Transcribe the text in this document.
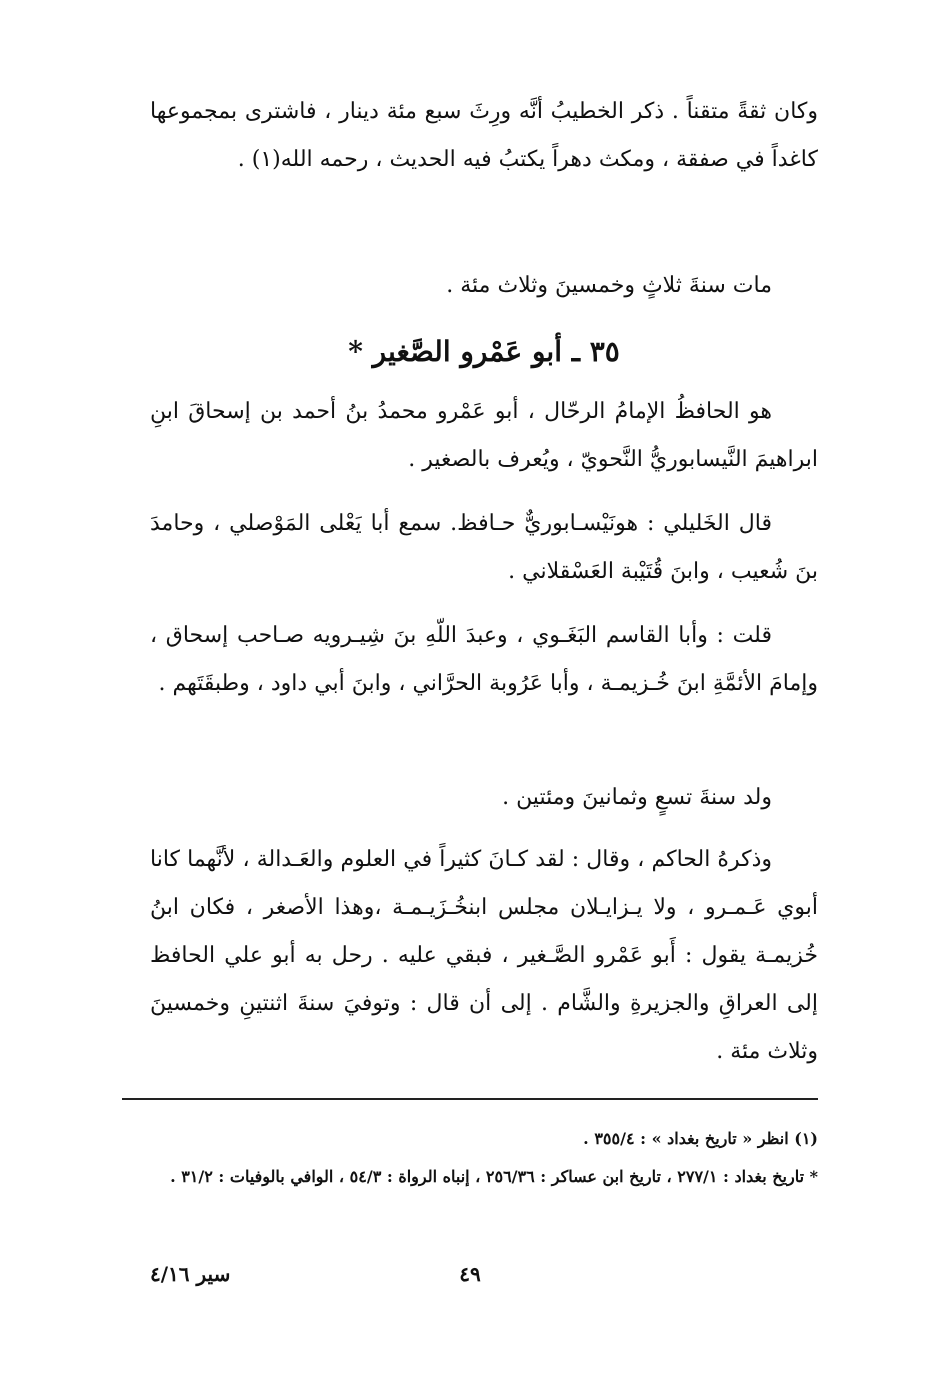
وكان ثقةً متقناً . ذكر الخطيبُ أنَّه ورِثَ سبع مئة دينار ، فاشترى بمجموعها كاغداً في صفقة ، ومكث دهراً يكتبُ فيه الحديث ، رحمه الله(١) .

مات سنةَ ثلاثٍ وخمسينَ وثلاث مئة .

٣٥ ـ أبو عَمْرو الصَّغير *

هو الحافظُ الإمامُ الرحّال ، أبو عَمْرو محمدُ بنُ أحمد بن إسحاقَ ابنِ ابراهيمَ النَّيسابوريُّ النَّحويّ ، ويُعرف بالصغير .

قال الخَليلي : هونَيْسـابوريٌّ حـافظ. سمع أبا يَعْلى المَوْصلي ، وحامدَ بنَ شُعيب ، وابنَ قُتَيْبة العَسْقلاني .

قلت : وأبا القاسم البَغَـوي ، وعبدَ اللّهِ بنَ شِيـرويه صـاحب إسحاق ، وإمامَ الأئمَّةِ ابنَ خُـزيمـة ، وأبا عَرُوبة الحرَّاني ، وابنَ أبي داود ، وطبقَتَهم .

ولد سنةَ تسعٍ وثمانينَ ومئتين .

وذكرهُ الحاكم ، وقال : لقد كـانَ كثيراً في العلوم والعَـدالة ، لأنَّهما كانا أبوي عَـمـرو ، ولا يـزايـلان مجلس ابنخُـزَيـمـة ،وهذا الأصغر ، فكان ابنُ خُزيمـة يقول : أَبو عَمْرو الصَّـغير ، فبقي عليه . رحل به أبو علي الحافظ إلى العراقِ والجزيرةِ والشَّام . إلى أن قال : وتوفيَ سنةَ اثنتينِ وخمسينَ وثلاث مئة .

(١) انظر « تاريخ بغداد » : ٣٥٥/٤ .

* تاريخ بغداد : ٢٧٧/١ ، تاريخ ابن عساكر : ٢٥٦/٣٦ ، إنباه الرواة : ٥٤/٣ ، الوافي بالوفيات : ٣١/٢ .

٤٩
سير ٤/١٦
